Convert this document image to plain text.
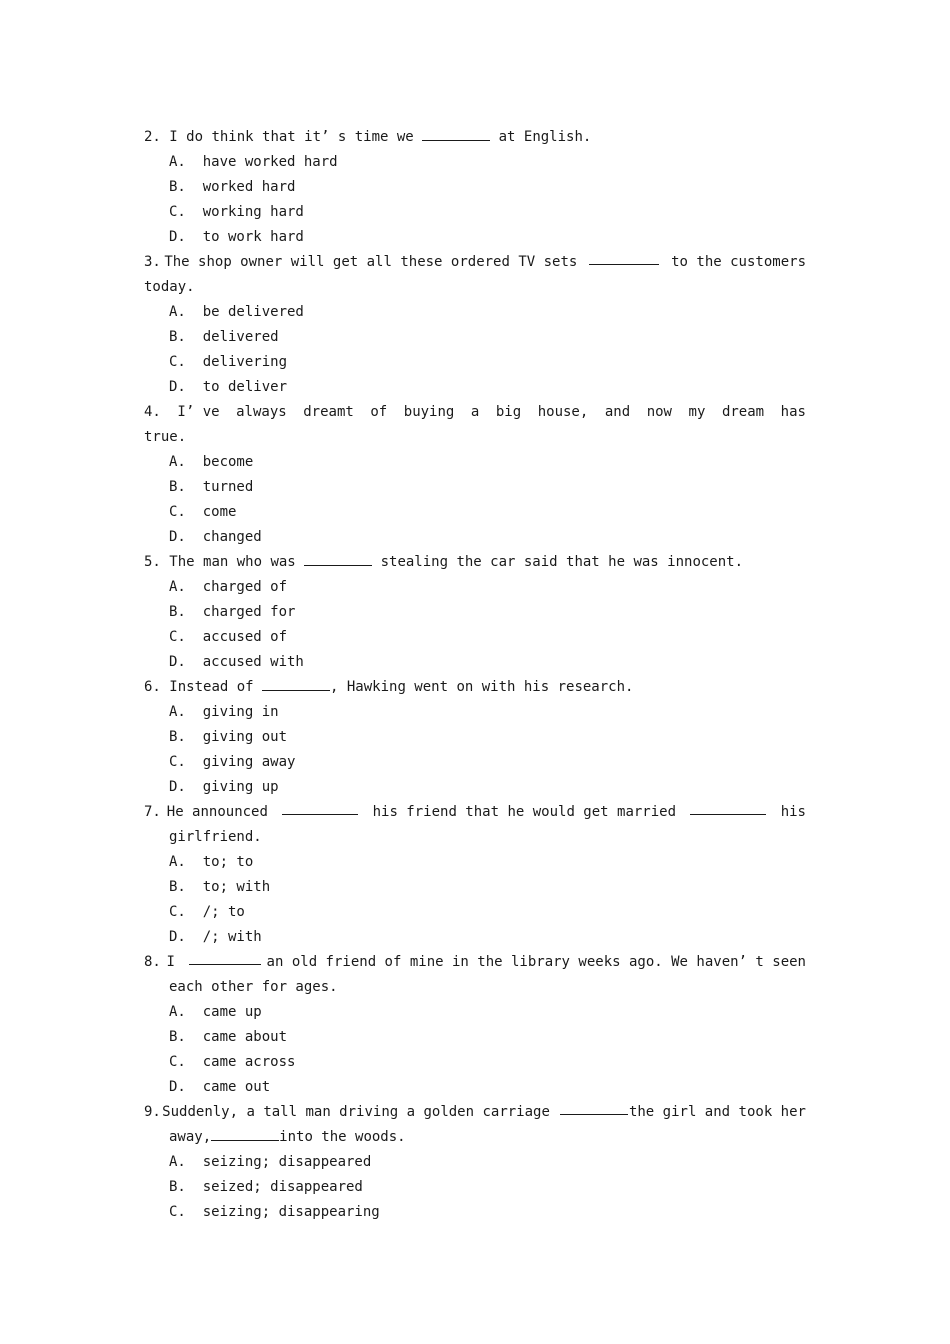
2. I do think that it’ s time we	at English.
A.  have worked hard
B.  worked hard
C.  working hard
D.  to work hard
3. The shop owner will get all these ordered TV sets	to the customers
today.
A.  be delivered
B.  delivered
C.  delivering
D.  to deliver
4. I’ ve always dreamt of buying a big house, and now my dream has
true.
A.  become
B.  turned
C.  come
D.  changed
5. The man who was	stealing the car said that he was innocent.
A.  charged of
B.  charged for
C.  accused of
D.  accused with
6. Instead of	, Hawking went on with his research.
A.  giving in
B.  giving out
C.  giving away
D.  giving up
7. He announced	his friend that he would get married	his
girlfriend.
A.  to; to
B.  to; with
C.  /; to
D.  /; with
8. I	an old friend of mine in the library weeks ago. We haven’ t seen
each other for ages.
A.  came up
B.  came about
C.  came across
D.  came out
9. Suddenly, a tall man driving a golden carriage	the girl and took her
away,	into the woods.
A.  seizing; disappeared
B.  seized; disappeared
C.  seizing; disappearing
